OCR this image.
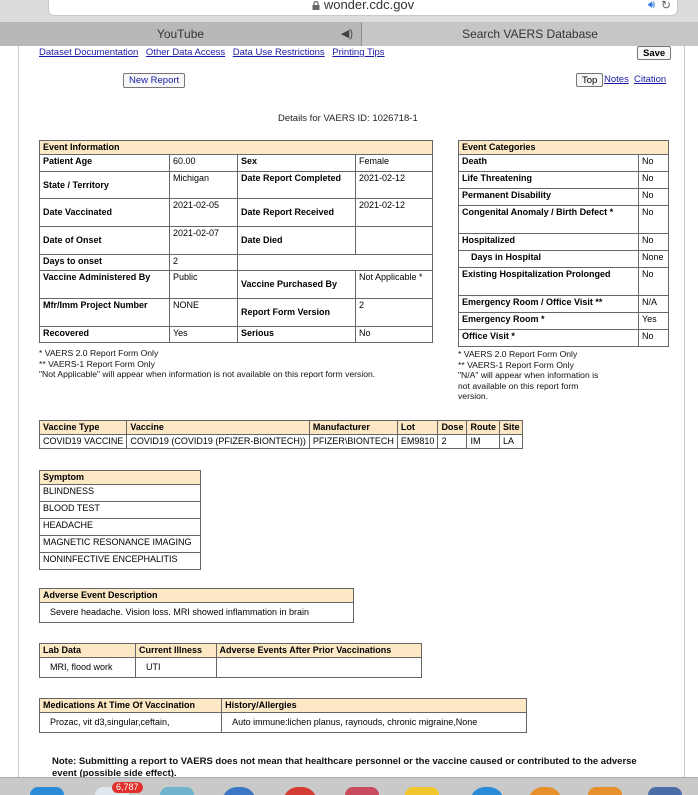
wonder.cdc.gov	🔊︎ ↻
YouTube	◀︎)	Search VAERS Database
Dataset Documentation Other Data Access Data Use Restrictions Printing Tips	Save
New Report	Top Notes Citation
Details for VAERS ID: 1026718-1
Event Information			
Patient Age	60.00	Sex	Female
State / Territory	Michigan	Date Report Completed	2021-02-12
Date Vaccinated	2021-02-05	Date Report Received	2021-02-12
Date of Onset	2021-02-07	Date Died	
Days to onset	2		
Vaccine Administered By	Public	Vaccine Purchased By	Not Applicable *
Mfr/Imm Project Number	NONE	Report Form Version	2
Recovered	Yes	Serious	No
* VAERS 2.0 Report Form Only
** VAERS-1 Report Form Only
"Not Applicable" will appear when information is not available on this report form version.
Event Categories	
Death	No
Life Threatening	No
Permanent Disability	No
Congenital Anomaly / Birth Defect *	No
Hospitalized	No
Days in Hospital	None
Existing Hospitalization Prolonged	No
Emergency Room / Office Visit **	N/A
Emergency Room *	Yes
Office Visit *	No
* VAERS 2.0 Report Form Only
** VAERS-1 Report Form Only
"N/A" will appear when information is not available on this report form version.
Vaccine Type	Vaccine	Manufacturer	Lot	Dose	Route	Site
COVID19 VACCINE	COVID19 (COVID19 (PFIZER-BIONTECH))	PFIZER\BIONTECH	EM9810	2	IM	LA
Symptom
BLINDNESS
BLOOD TEST
HEADACHE
MAGNETIC RESONANCE IMAGING
NONINFECTIVE ENCEPHALITIS
Adverse Event Description
Severe headache. Vision loss. MRI showed inflammation in brain
Lab Data	Current Illness	Adverse Events After Prior Vaccinations
MRI, flood work	UTI	
Medications At Time Of Vaccination	History/Allergies
Prozac, vit d3,singular,ceftain,	Auto immune:lichen planus, raynouds, chronic migraine,None
Note: Submitting a report to VAERS does not mean that healthcare personnel or the vaccine caused or contributed to the adverse event (possible side effect).
6,787
